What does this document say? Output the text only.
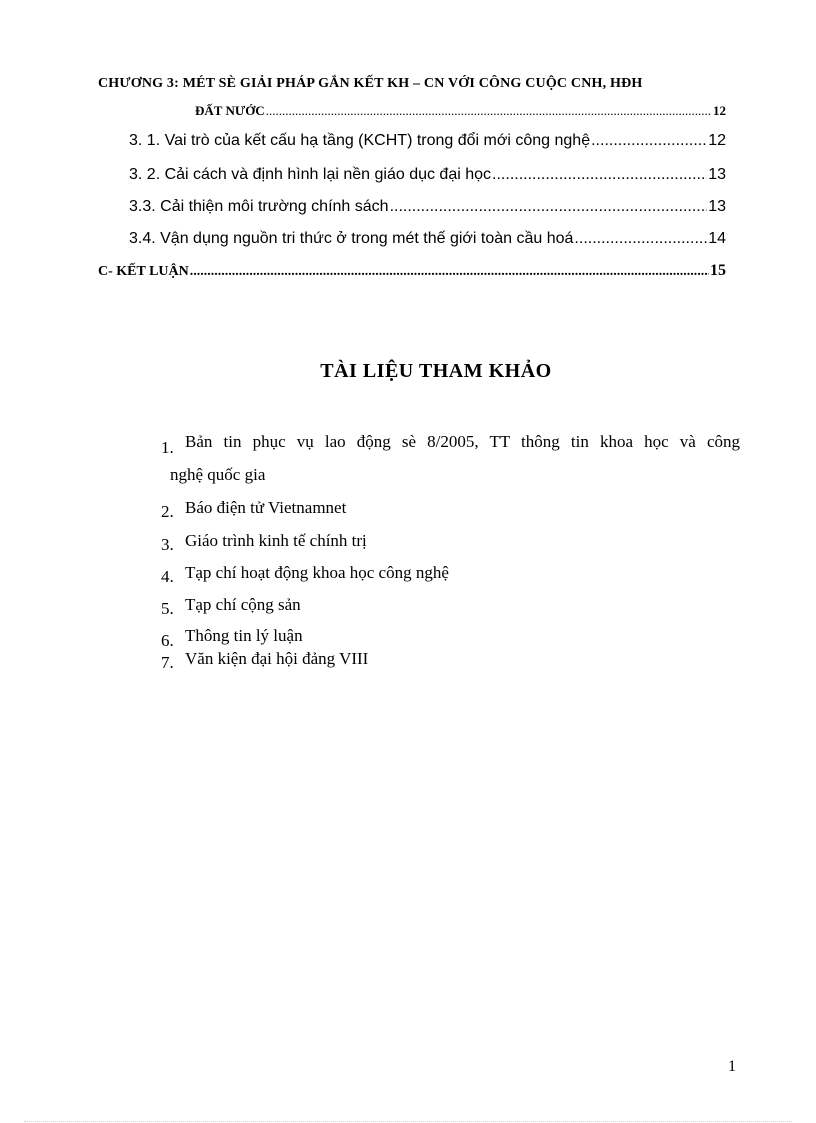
CHƯƠNG 3: MÉT SÈ GIẢI PHÁP GẮN KẾT KH – CN VỚI CÔNG CUỘC CNH, HĐH
ĐẤT NƯỚC .....	12
3. 1. Vai trò của kết cấu hạ tầng (KCHT) trong đổi mới công nghệ .....	12
3. 2. Cải cách và định hình lại nền giáo dục đại học .....	13
3.3. Cải thiện môi trường chính sách .....	13
3.4. Vận dụng nguồn tri thức ở trong mét thế giới toàn cầu hoá .....	14
C- KẾT LUẬN .....	15
TÀI LIỆU THAM KHẢO
1. Bản tin phục vụ lao động sè 8/2005, TT thông tin khoa học và công
nghệ quốc gia
2. Báo điện tử Vietnamnet
3. Giáo trình kinh tế chính trị
4. Tạp chí hoạt động khoa học công nghệ
5. Tạp chí cộng sản
6. Thông tin lý luận
7. Văn kiện đại hội đảng VIII
1
